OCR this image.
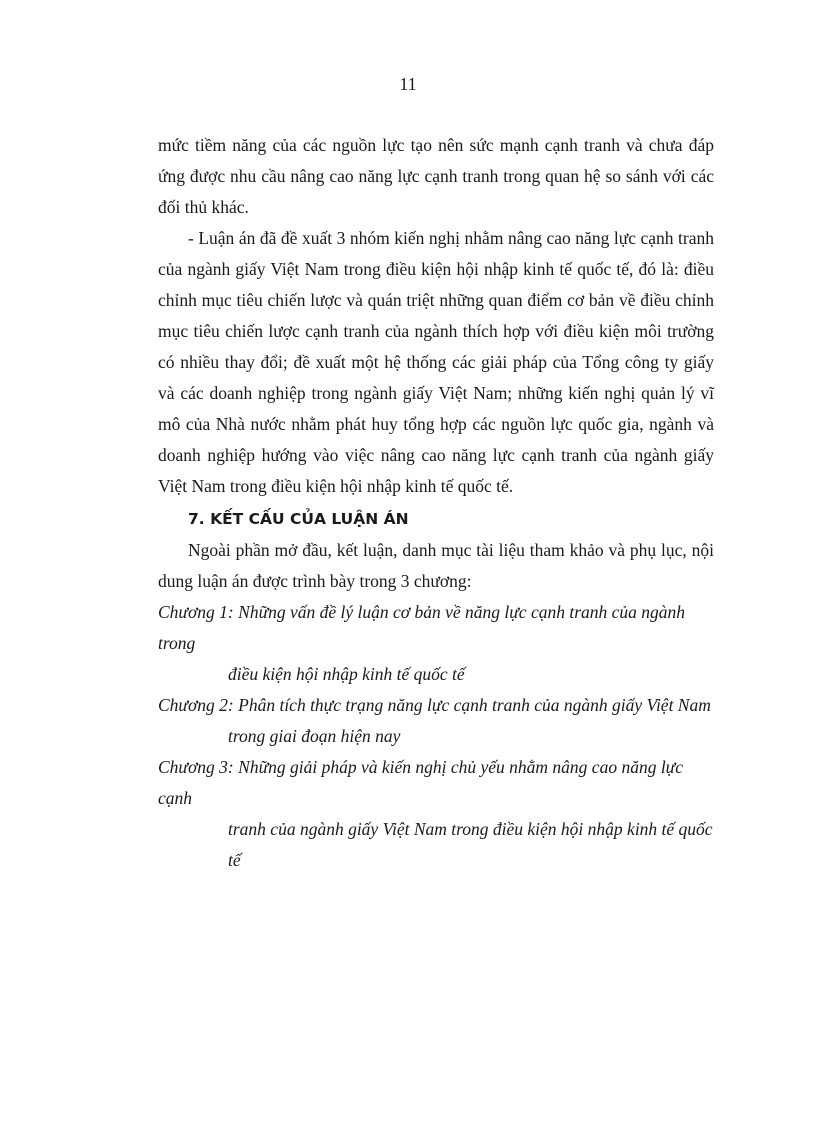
11

mức tiềm năng của các nguồn lực tạo nên sức mạnh cạnh tranh và chưa đáp ứng được nhu cầu nâng cao năng lực cạnh tranh trong quan hệ so sánh với các đối thủ khác.

- Luận án đã đề xuất 3 nhóm kiến nghị nhằm nâng cao năng lực cạnh tranh của ngành giấy Việt Nam trong điều kiện hội nhập kinh tế quốc tế, đó là: điều chỉnh mục tiêu chiến lược và quán triệt những quan điểm cơ bản về điều chỉnh mục tiêu chiến lược cạnh tranh của ngành thích hợp với điều kiện môi trường có nhiều thay đổi; đề xuất một hệ thống các giải pháp của Tổng công ty giấy và các doanh nghiệp trong ngành giấy Việt Nam; những kiến nghị quản lý vĩ mô của Nhà nước nhằm phát huy tổng hợp các nguồn lực quốc gia, ngành và doanh nghiệp hướng vào việc nâng cao năng lực cạnh tranh của ngành giấy Việt Nam trong điều kiện hội nhập kinh tế quốc tế.

7. KẾT CẤU CỦA LUẬN ÁN

Ngoài phần mở đầu, kết luận, danh mục tài liệu tham khảo và phụ lục, nội dung luận án được trình bày trong 3 chương:

Chương 1: Những vấn đề lý luận cơ bản về năng lực cạnh tranh của ngành trong
điều kiện hội nhập kinh tế quốc tế

Chương 2: Phân tích thực trạng năng lực cạnh tranh của ngành giấy Việt Nam
trong giai đoạn hiện nay

Chương 3: Những giải pháp và kiến nghị chủ yếu nhằm nâng cao năng lực cạnh
tranh của ngành giấy Việt Nam trong điều kiện hội nhập kinh tế quốc tế
